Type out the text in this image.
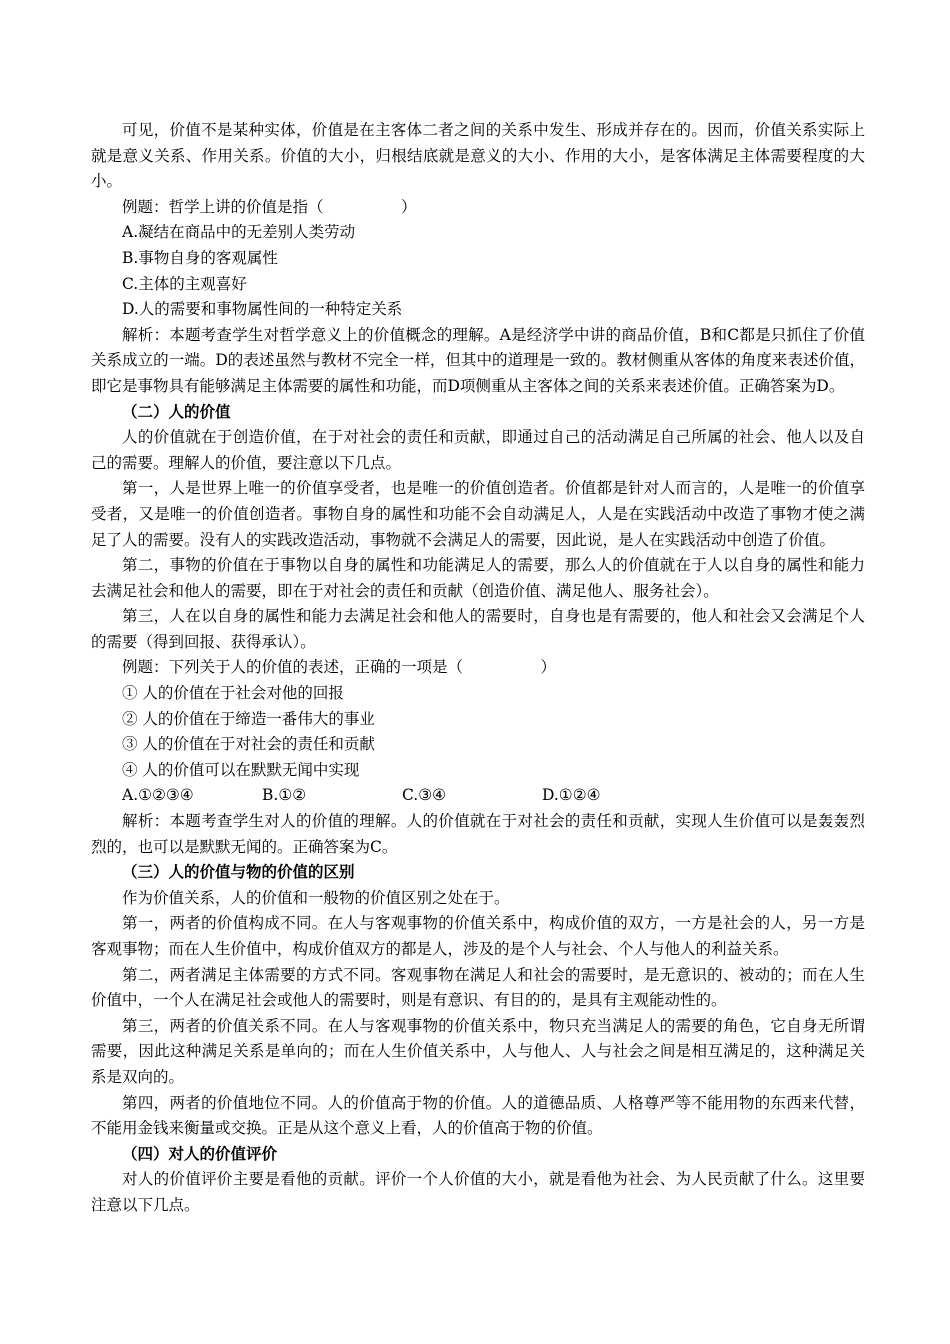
可见，价值不是某种实体，价值是在主客体二者之间的关系中发生、形成并存在的。因而，价值关系实际上就是意义关系、作用关系。价值的大小，归根结底就是意义的大小、作用的大小，是客体满足主体需要程度的大小。

例题：哲学上讲的价值是指（　　　　　）

A.凝结在商品中的无差别人类劳动

B.事物自身的客观属性

C.主体的主观喜好

D.人的需要和事物属性间的一种特定关系

解析：本题考查学生对哲学意义上的价值概念的理解。A是经济学中讲的商品价值，B和C都是只抓住了价值关系成立的一端。D的表述虽然与教材不完全一样，但其中的道理是一致的。教材侧重从客体的角度来表述价值，即它是事物具有能够满足主体需要的属性和功能，而D项侧重从主客体之间的关系来表述价值。正确答案为D。

（二）人的价值

人的价值就在于创造价值，在于对社会的责任和贡献，即通过自己的活动满足自己所属的社会、他人以及自己的需要。理解人的价值，要注意以下几点。

第一，人是世界上唯一的价值享受者，也是唯一的价值创造者。价值都是针对人而言的，人是唯一的价值享受者，又是唯一的价值创造者。事物自身的属性和功能不会自动满足人，人是在实践活动中改造了事物才使之满足了人的需要。没有人的实践改造活动，事物就不会满足人的需要，因此说，是人在实践活动中创造了价值。

第二，事物的价值在于事物以自身的属性和功能满足人的需要，那么人的价值就在于人以自身的属性和能力去满足社会和他人的需要，即在于对社会的责任和贡献（创造价值、满足他人、服务社会）。

第三，人在以自身的属性和能力去满足社会和他人的需要时，自身也是有需要的，他人和社会又会满足个人的需要（得到回报、获得承认）。

例题：下列关于人的价值的表述，正确的一项是（　　　　　）

① 人的价值在于社会对他的回报

② 人的价值在于缔造一番伟大的事业

③ 人的价值在于对社会的责任和贡献

④ 人的价值可以在默默无闻中实现

A.①②③④	B.①②	C.③④	D.①②④

解析：本题考查学生对人的价值的理解。人的价值就在于对社会的责任和贡献，实现人生价值可以是轰轰烈烈的，也可以是默默无闻的。正确答案为C。

（三）人的价值与物的价值的区别

作为价值关系，人的价值和一般物的价值区别之处在于。

第一，两者的价值构成不同。在人与客观事物的价值关系中，构成价值的双方，一方是社会的人，另一方是客观事物；而在人生价值中，构成价值双方的都是人，涉及的是个人与社会、个人与他人的利益关系。

第二，两者满足主体需要的方式不同。客观事物在满足人和社会的需要时，是无意识的、被动的；而在人生价值中，一个人在满足社会或他人的需要时，则是有意识、有目的的，是具有主观能动性的。

第三，两者的价值关系不同。在人与客观事物的价值关系中，物只充当满足人的需要的角色，它自身无所谓需要，因此这种满足关系是单向的；而在人生价值关系中，人与他人、人与社会之间是相互满足的，这种满足关系是双向的。

第四，两者的价值地位不同。人的价值高于物的价值。人的道德品质、人格尊严等不能用物的东西来代替，不能用金钱来衡量或交换。正是从这个意义上看，人的价值高于物的价值。

（四）对人的价值评价

对人的价值评价主要是看他的贡献。评价一个人价值的大小，就是看他为社会、为人民贡献了什么。这里要注意以下几点。
